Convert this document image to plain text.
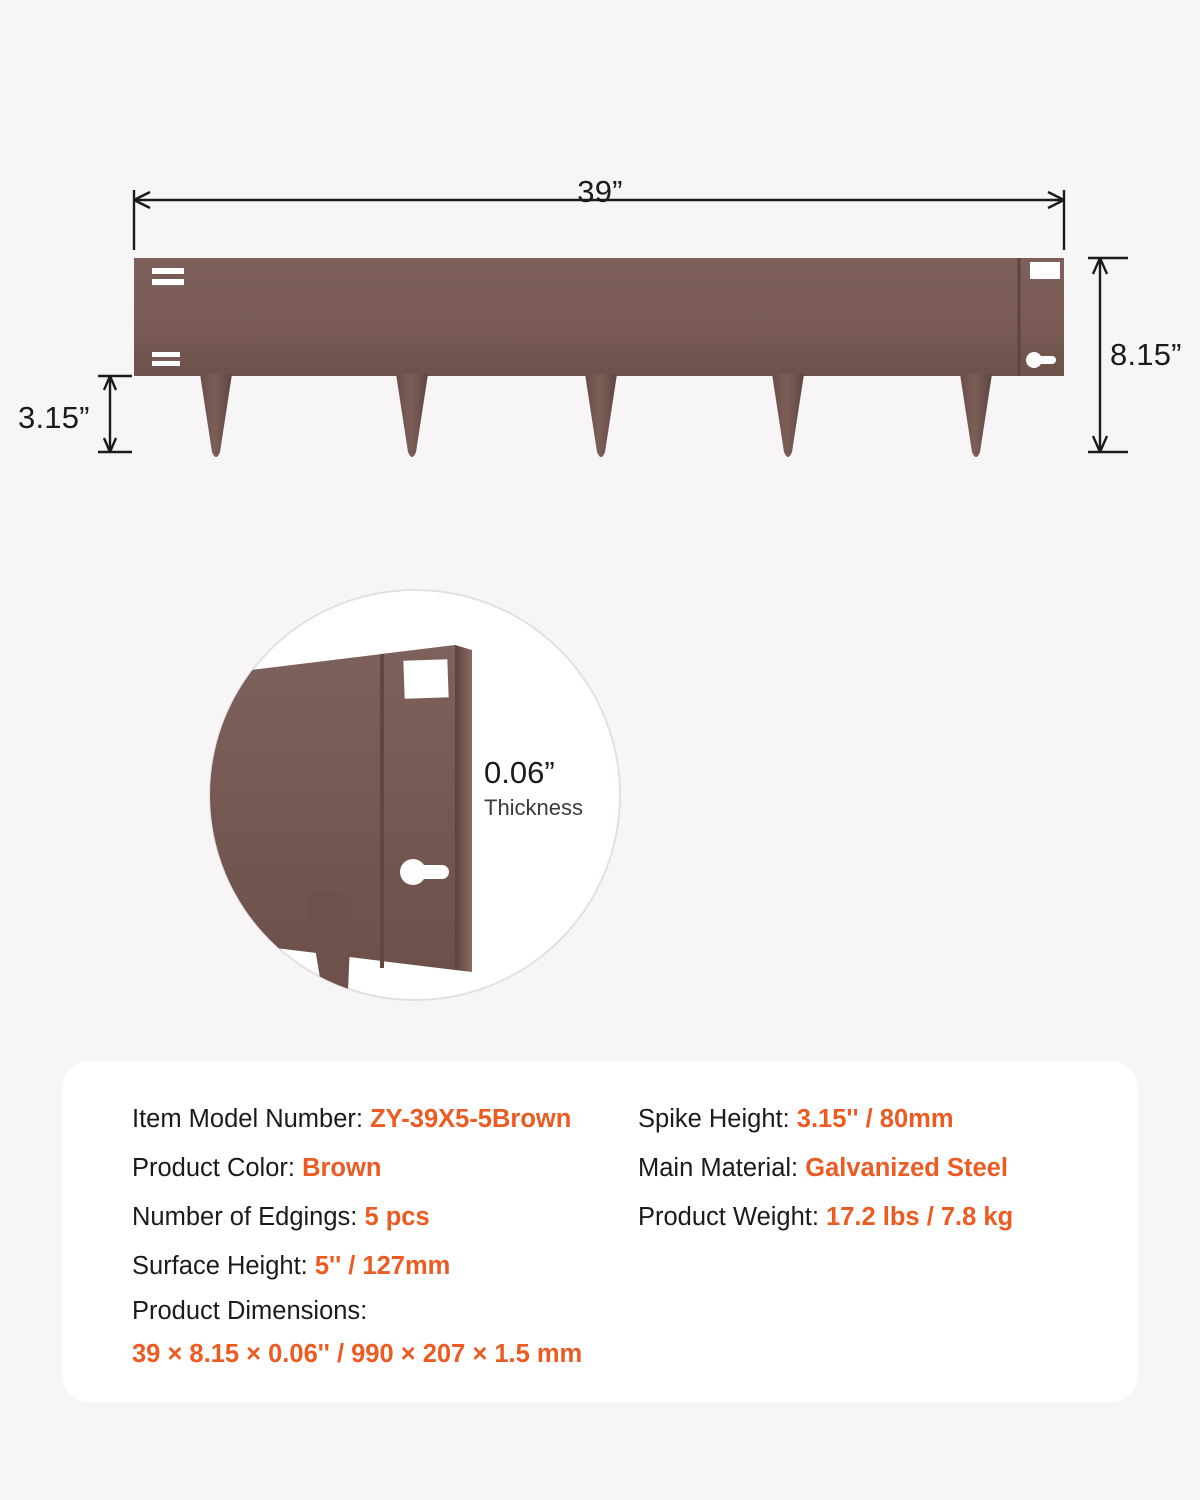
39”
8.15”
3.15”
0.06”
Thickness
Item Model Number: ZY-39X5-5Brown
Product Color: Brown
Number of Edgings: 5 pcs
Surface Height: 5'' / 127mm
Product Dimensions:
39 × 8.15 × 0.06'' / 990 × 207 × 1.5 mm
Spike Height: 3.15'' / 80mm
Main Material: Galvanized Steel
Product Weight: 17.2 lbs / 7.8 kg
